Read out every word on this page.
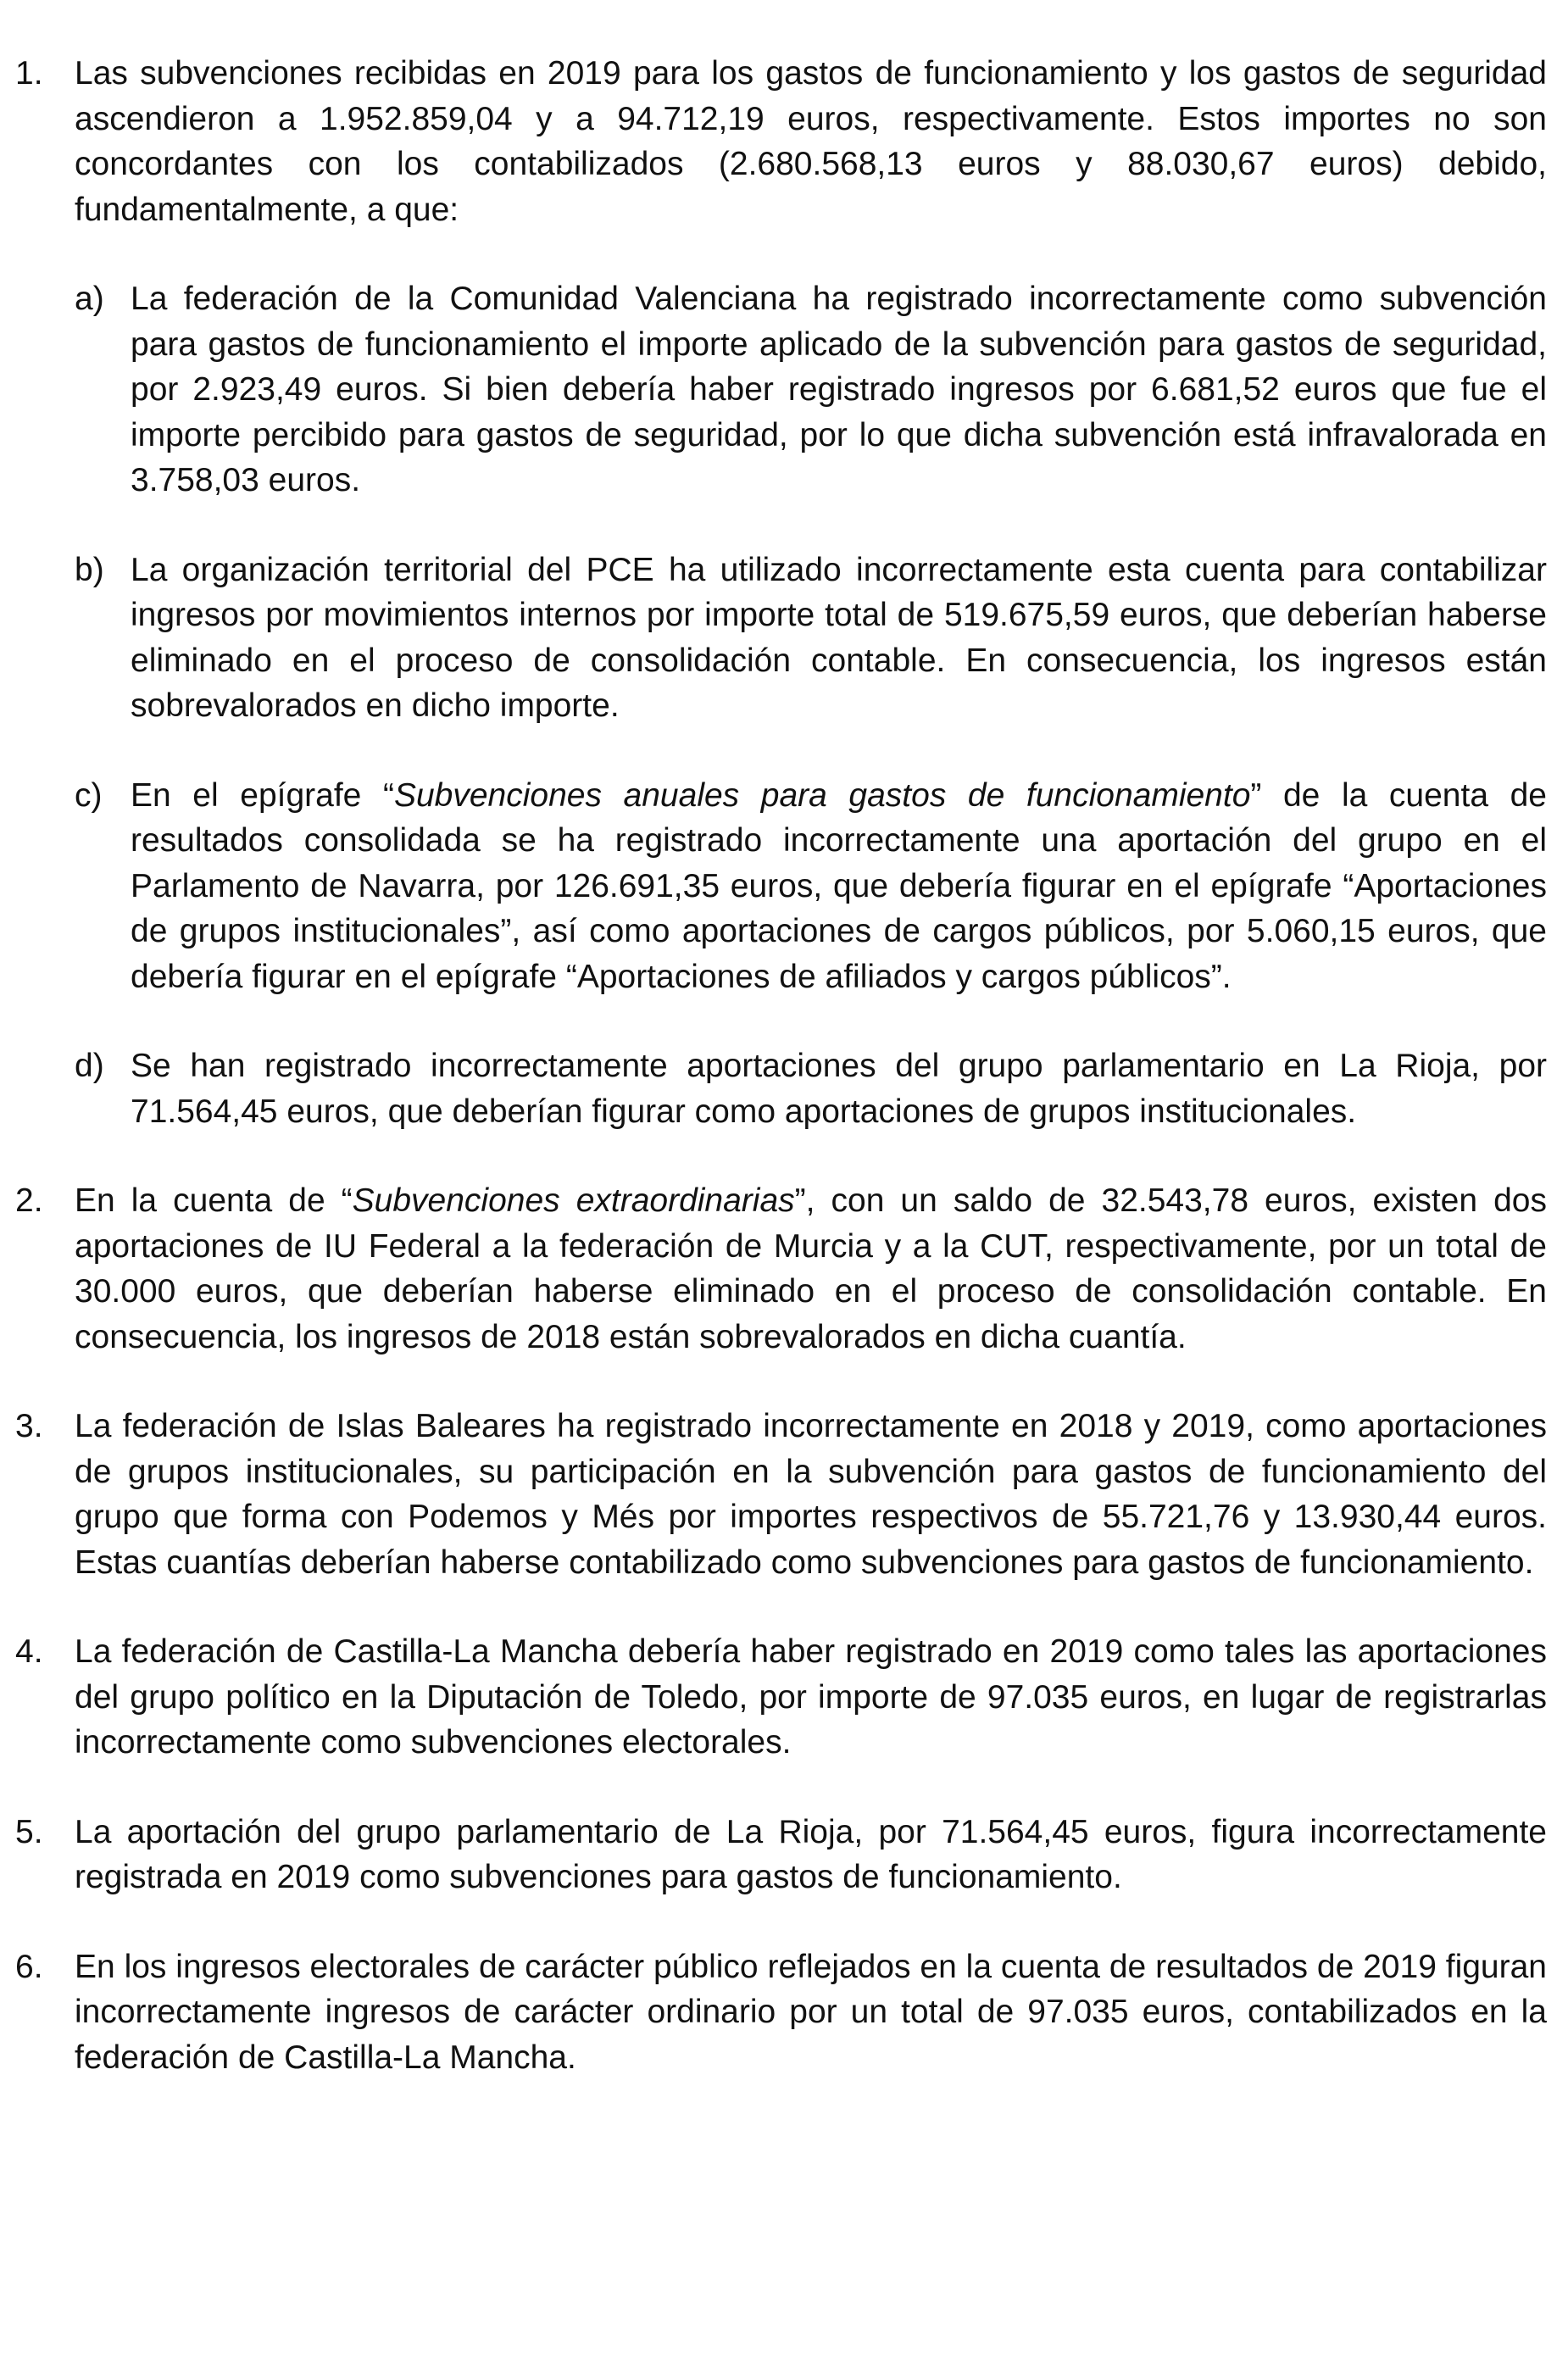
1. Las subvenciones recibidas en 2019 para los gastos de funcionamiento y los gastos de seguridad ascendieron a 1.952.859,04 y a 94.712,19 euros, respectivamente. Estos importes no son concordantes con los contabilizados (2.680.568,13 euros y 88.030,67 euros) debido, fundamentalmente, a que:

a) La federación de la Comunidad Valenciana ha registrado incorrectamente como subvención para gastos de funcionamiento el importe aplicado de la subvención para gastos de seguridad, por 2.923,49 euros. Si bien debería haber registrado ingresos por 6.681,52 euros que fue el importe percibido para gastos de seguridad, por lo que dicha subvención está infravalorada en 3.758,03 euros.

b) La organización territorial del PCE ha utilizado incorrectamente esta cuenta para contabilizar ingresos por movimientos internos por importe total de 519.675,59 euros, que deberían haberse eliminado en el proceso de consolidación contable. En consecuencia, los ingresos están sobrevalorados en dicho importe.

c) En el epígrafe “Subvenciones anuales para gastos de funcionamiento” de la cuenta de resultados consolidada se ha registrado incorrectamente una aportación del grupo en el Parlamento de Navarra, por 126.691,35 euros, que debería figurar en el epígrafe “Aportaciones de grupos institucionales”, así como aportaciones de cargos públicos, por 5.060,15 euros, que debería figurar en el epígrafe “Aportaciones de afiliados y cargos públicos”.

d) Se han registrado incorrectamente aportaciones del grupo parlamentario en La Rioja, por 71.564,45 euros, que deberían figurar como aportaciones de grupos institucionales.

2. En la cuenta de “Subvenciones extraordinarias”, con un saldo de 32.543,78 euros, existen dos aportaciones de IU Federal a la federación de Murcia y a la CUT, respectivamente, por un total de 30.000 euros, que deberían haberse eliminado en el proceso de consolidación contable. En consecuencia, los ingresos de 2018 están sobrevalorados en dicha cuantía.

3. La federación de Islas Baleares ha registrado incorrectamente en 2018 y 2019, como aportaciones de grupos institucionales, su participación en la subvención para gastos de funcionamiento del grupo que forma con Podemos y Més por importes respectivos de 55.721,76 y 13.930,44 euros. Estas cuantías deberían haberse contabilizado como subvenciones para gastos de funcionamiento.

4. La federación de Castilla-La Mancha debería haber registrado en 2019 como tales las aportaciones del grupo político en la Diputación de Toledo, por importe de 97.035 euros, en lugar de registrarlas incorrectamente como subvenciones electorales.

5. La aportación del grupo parlamentario de La Rioja, por 71.564,45 euros, figura incorrectamente registrada en 2019 como subvenciones para gastos de funcionamiento.

6. En los ingresos electorales de carácter público reflejados en la cuenta de resultados de 2019 figuran incorrectamente ingresos de carácter ordinario por un total de 97.035 euros, contabilizados en la federación de Castilla-La Mancha.
